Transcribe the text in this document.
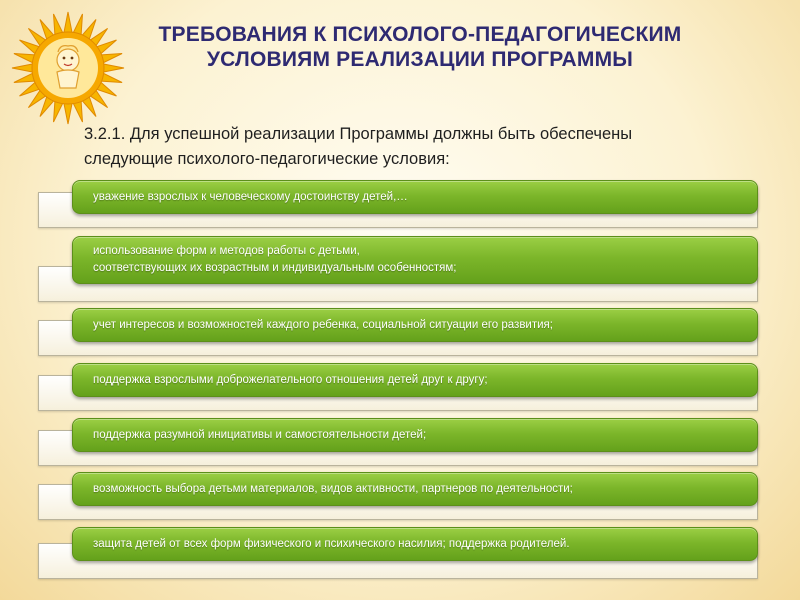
ТРЕБОВАНИЯ К ПСИХОЛОГО-ПЕДАГОГИЧЕСКИМ
УСЛОВИЯМ РЕАЛИЗАЦИИ ПРОГРАММЫ
3.2.1. Для успешной реализации Программы должны быть обеспечены
следующие психолого-педагогические условия:
уважение взрослых к человеческому достоинству детей,…
использование форм и методов работы с детьми,
соответствующих их возрастным и индивидуальным особенностям;
учет интересов и возможностей каждого ребенка, социальной ситуации его развития;
поддержка взрослыми доброжелательного отношения детей друг к другу;
поддержка разумной инициативы и самостоятельности детей;
возможность выбора детьми материалов, видов активности, партнеров по деятельности;
защита детей от всех форм физического и психического насилия; поддержка родителей.
